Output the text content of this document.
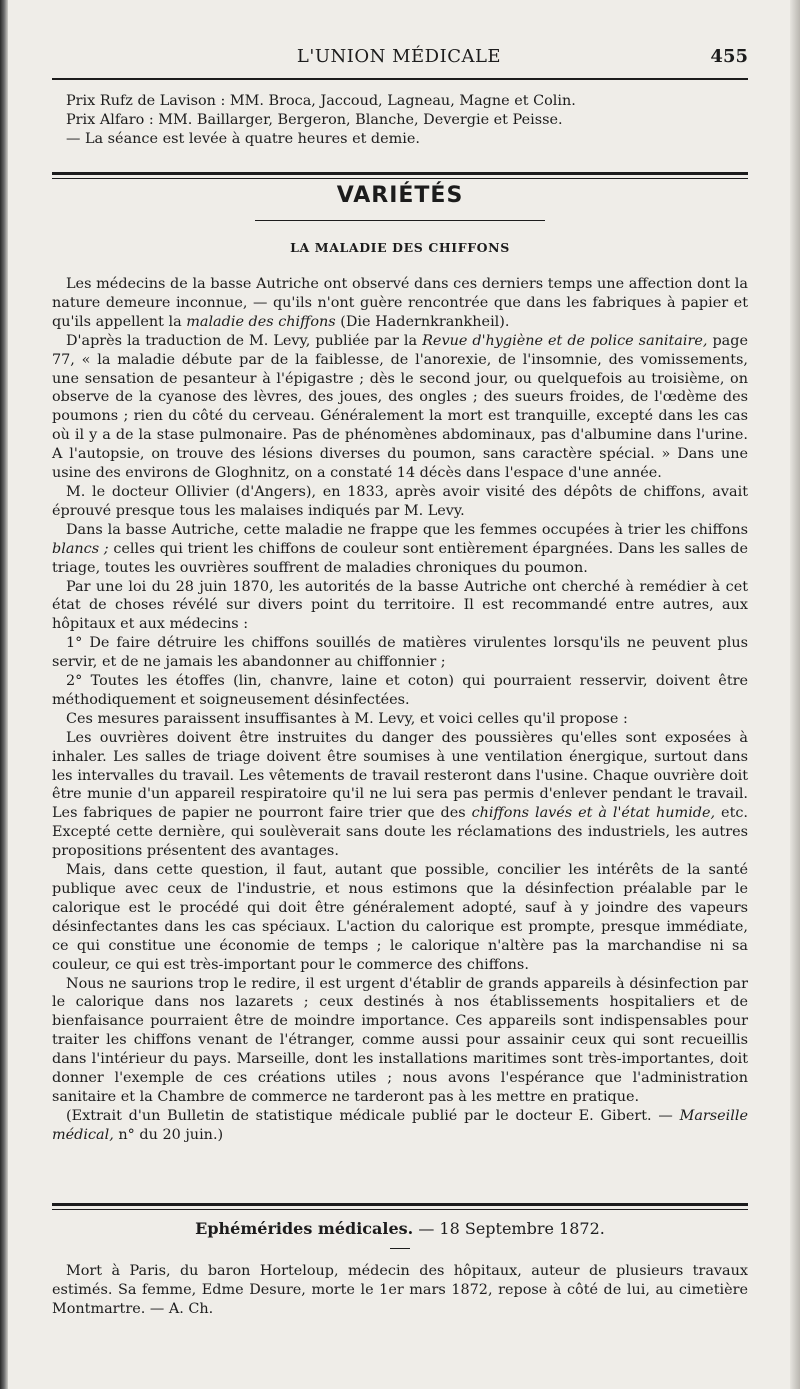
L'UNION MÉDICALE	455

Prix Rufz de Lavison : MM. Broca, Jaccoud, Lagneau, Magne et Colin.

Prix Alfaro : MM. Baillarger, Bergeron, Blanche, Devergie et Peisse.

— La séance est levée à quatre heures et demie.

VARIÉTÉS
LA MALADIE DES CHIFFONS

Les médecins de la basse Autriche ont observé dans ces derniers temps une affection dont la nature demeure inconnue, — qu'ils n'ont guère rencontrée que dans les fabriques à papier et qu'ils appellent la maladie des chiffons (Die Hadernkrankheil).

D'après la traduction de M. Levy, publiée par la Revue d'hygiène et de police sanitaire, page 77, « la maladie débute par de la faiblesse, de l'anorexie, de l'insomnie, des vomissements, une sensation de pesanteur à l'épigastre ; dès le second jour, ou quelquefois au troisième, on observe de la cyanose des lèvres, des joues, des ongles ; des sueurs froides, de l'œdème des poumons ; rien du côté du cerveau. Généralement la mort est tranquille, excepté dans les cas où il y a de la stase pulmonaire. Pas de phénomènes abdominaux, pas d'albumine dans l'urine. A l'autopsie, on trouve des lésions diverses du poumon, sans caractère spécial. » Dans une usine des environs de Gloghnitz, on a constaté 14 décès dans l'espace d'une année.

M. le docteur Ollivier (d'Angers), en 1833, après avoir visité des dépôts de chiffons, avait éprouvé presque tous les malaises indiqués par M. Levy.

Dans la basse Autriche, cette maladie ne frappe que les femmes occupées à trier les chiffons blancs ; celles qui trient les chiffons de couleur sont entièrement épargnées. Dans les salles de triage, toutes les ouvrières souffrent de maladies chroniques du poumon.

Par une loi du 28 juin 1870, les autorités de la basse Autriche ont cherché à remédier à cet état de choses révélé sur divers point du territoire. Il est recommandé entre autres, aux hôpitaux et aux médecins :

1° De faire détruire les chiffons souillés de matières virulentes lorsqu'ils ne peuvent plus servir, et de ne jamais les abandonner au chiffonnier ;

2° Toutes les étoffes (lin, chanvre, laine et coton) qui pourraient resservir, doivent être méthodiquement et soigneusement désinfectées.

Ces mesures paraissent insuffisantes à M. Levy, et voici celles qu'il propose :

Les ouvrières doivent être instruites du danger des poussières qu'elles sont exposées à inhaler. Les salles de triage doivent être soumises à une ventilation énergique, surtout dans les intervalles du travail. Les vêtements de travail resteront dans l'usine. Chaque ouvrière doit être munie d'un appareil respiratoire qu'il ne lui sera pas permis d'enlever pendant le travail. Les fabriques de papier ne pourront faire trier que des chiffons lavés et à l'état humide, etc. Excepté cette dernière, qui soulèverait sans doute les réclamations des industriels, les autres propositions présentent des avantages.

Mais, dans cette question, il faut, autant que possible, concilier les intérêts de la santé publique avec ceux de l'industrie, et nous estimons que la désinfection préalable par le calorique est le procédé qui doit être généralement adopté, sauf à y joindre des vapeurs désinfectantes dans les cas spéciaux. L'action du calorique est prompte, presque immédiate, ce qui constitue une économie de temps ; le calorique n'altère pas la marchandise ni sa couleur, ce qui est très-important pour le commerce des chiffons.

Nous ne saurions trop le redire, il est urgent d'établir de grands appareils à désinfection par le calorique dans nos lazarets ; ceux destinés à nos établissements hospitaliers et de bienfaisance pourraient être de moindre importance. Ces appareils sont indispensables pour traiter les chiffons venant de l'étranger, comme aussi pour assainir ceux qui sont recueillis dans l'intérieur du pays. Marseille, dont les installations maritimes sont très-importantes, doit donner l'exemple de ces créations utiles ; nous avons l'espérance que l'administration sanitaire et la Chambre de commerce ne tarderont pas à les mettre en pratique.

(Extrait d'un Bulletin de statistique médicale publié par le docteur E. Gibert. — Marseille médical, n° du 20 juin.)

Ephémérides médicales. — 18 Septembre 1872.

Mort à Paris, du baron Horteloup, médecin des hôpitaux, auteur de plusieurs travaux estimés. Sa femme, Edme Desure, morte le 1er mars 1872, repose à côté de lui, au cimetière Montmartre. — A. Ch.
